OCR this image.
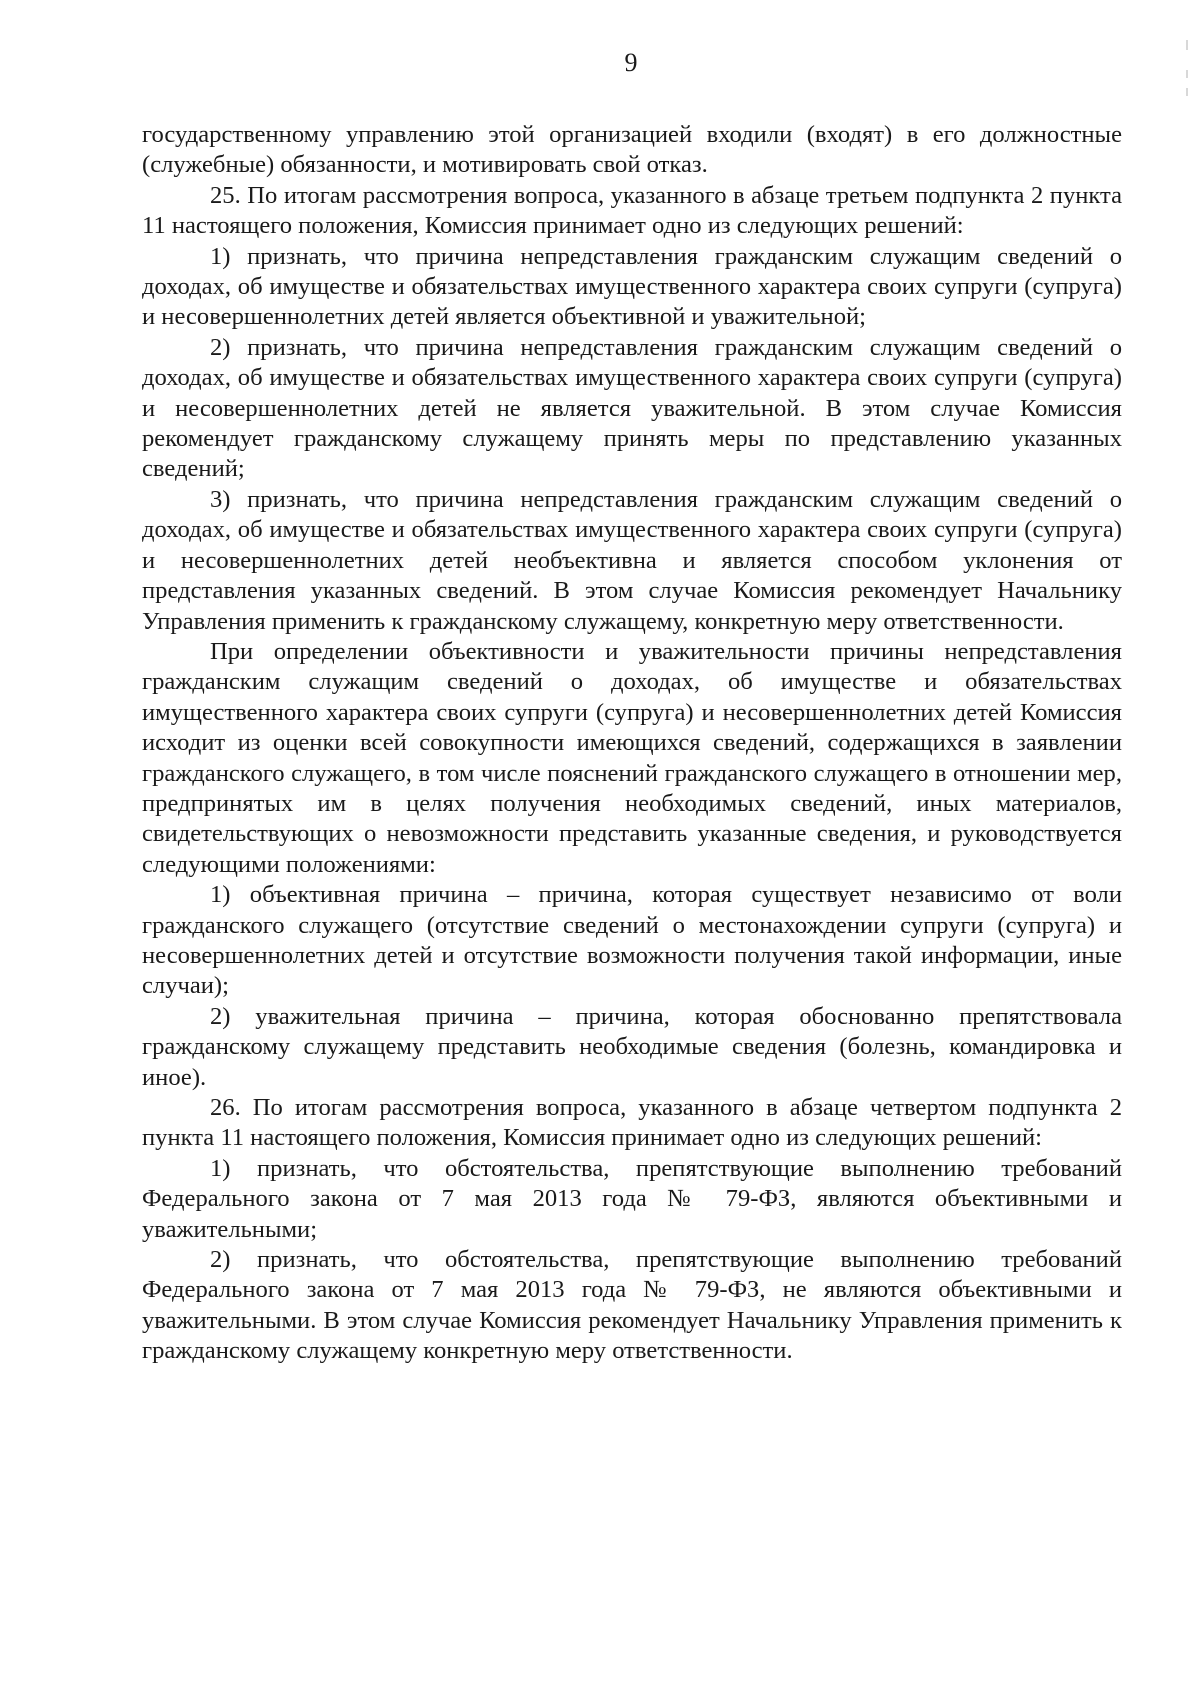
9

государственному управлению этой организацией входили (входят) в его должностные (служебные) обязанности, и мотивировать свой отказ.

25. По итогам рассмотрения вопроса, указанного в абзаце третьем подпункта 2 пункта 11 настоящего положения, Комиссия принимает одно из следующих решений:

1) признать, что причина непредставления гражданским служащим сведений о доходах, об имуществе и обязательствах имущественного характера своих супруги (супруга) и несовершеннолетних детей является объективной и уважительной;

2) признать, что причина непредставления гражданским служащим сведений о доходах, об имуществе и обязательствах имущественного характера своих супруги (супруга) и несовершеннолетних детей не является уважительной. В этом случае Комиссия рекомендует гражданскому служащему принять меры по представлению указанных сведений;

3) признать, что причина непредставления гражданским служащим сведений о доходах, об имуществе и обязательствах имущественного характера своих супруги (супруга) и несовершеннолетних детей необъективна и является способом уклонения от представления указанных сведений. В этом случае Комиссия рекомендует Начальнику Управления применить к гражданскому служащему, конкретную меру ответственности.

При определении объективности и уважительности причины непредставления гражданским служащим сведений о доходах, об имуществе и обязательствах имущественного характера своих супруги (супруга) и несовершеннолетних детей Комиссия исходит из оценки всей совокупности имеющихся сведений, содержащихся в заявлении гражданского служащего, в том числе пояснений гражданского служащего в отношении мер, предпринятых им в целях получения необходимых сведений, иных материалов, свидетельствующих о невозможности представить указанные сведения, и руководствуется следующими положениями:

1) объективная причина – причина, которая существует независимо от воли гражданского служащего (отсутствие сведений о местонахождении супруги (супруга) и несовершеннолетних детей и отсутствие возможности получения такой информации, иные случаи);

2) уважительная причина – причина, которая обоснованно препятствовала гражданскому служащему представить необходимые сведения (болезнь, командировка и иное).

26. По итогам рассмотрения вопроса, указанного в абзаце четвертом подпункта 2 пункта 11 настоящего положения, Комиссия принимает одно из следующих решений:

1) признать, что обстоятельства, препятствующие выполнению требований Федерального закона от 7 мая 2013 года № 79-ФЗ, являются объективными и уважительными;

2) признать, что обстоятельства, препятствующие выполнению требований Федерального закона от 7 мая 2013 года № 79-ФЗ, не являются объективными и уважительными. В этом случае Комиссия рекомендует Начальнику Управления применить к гражданскому служащему конкретную меру ответственности.
